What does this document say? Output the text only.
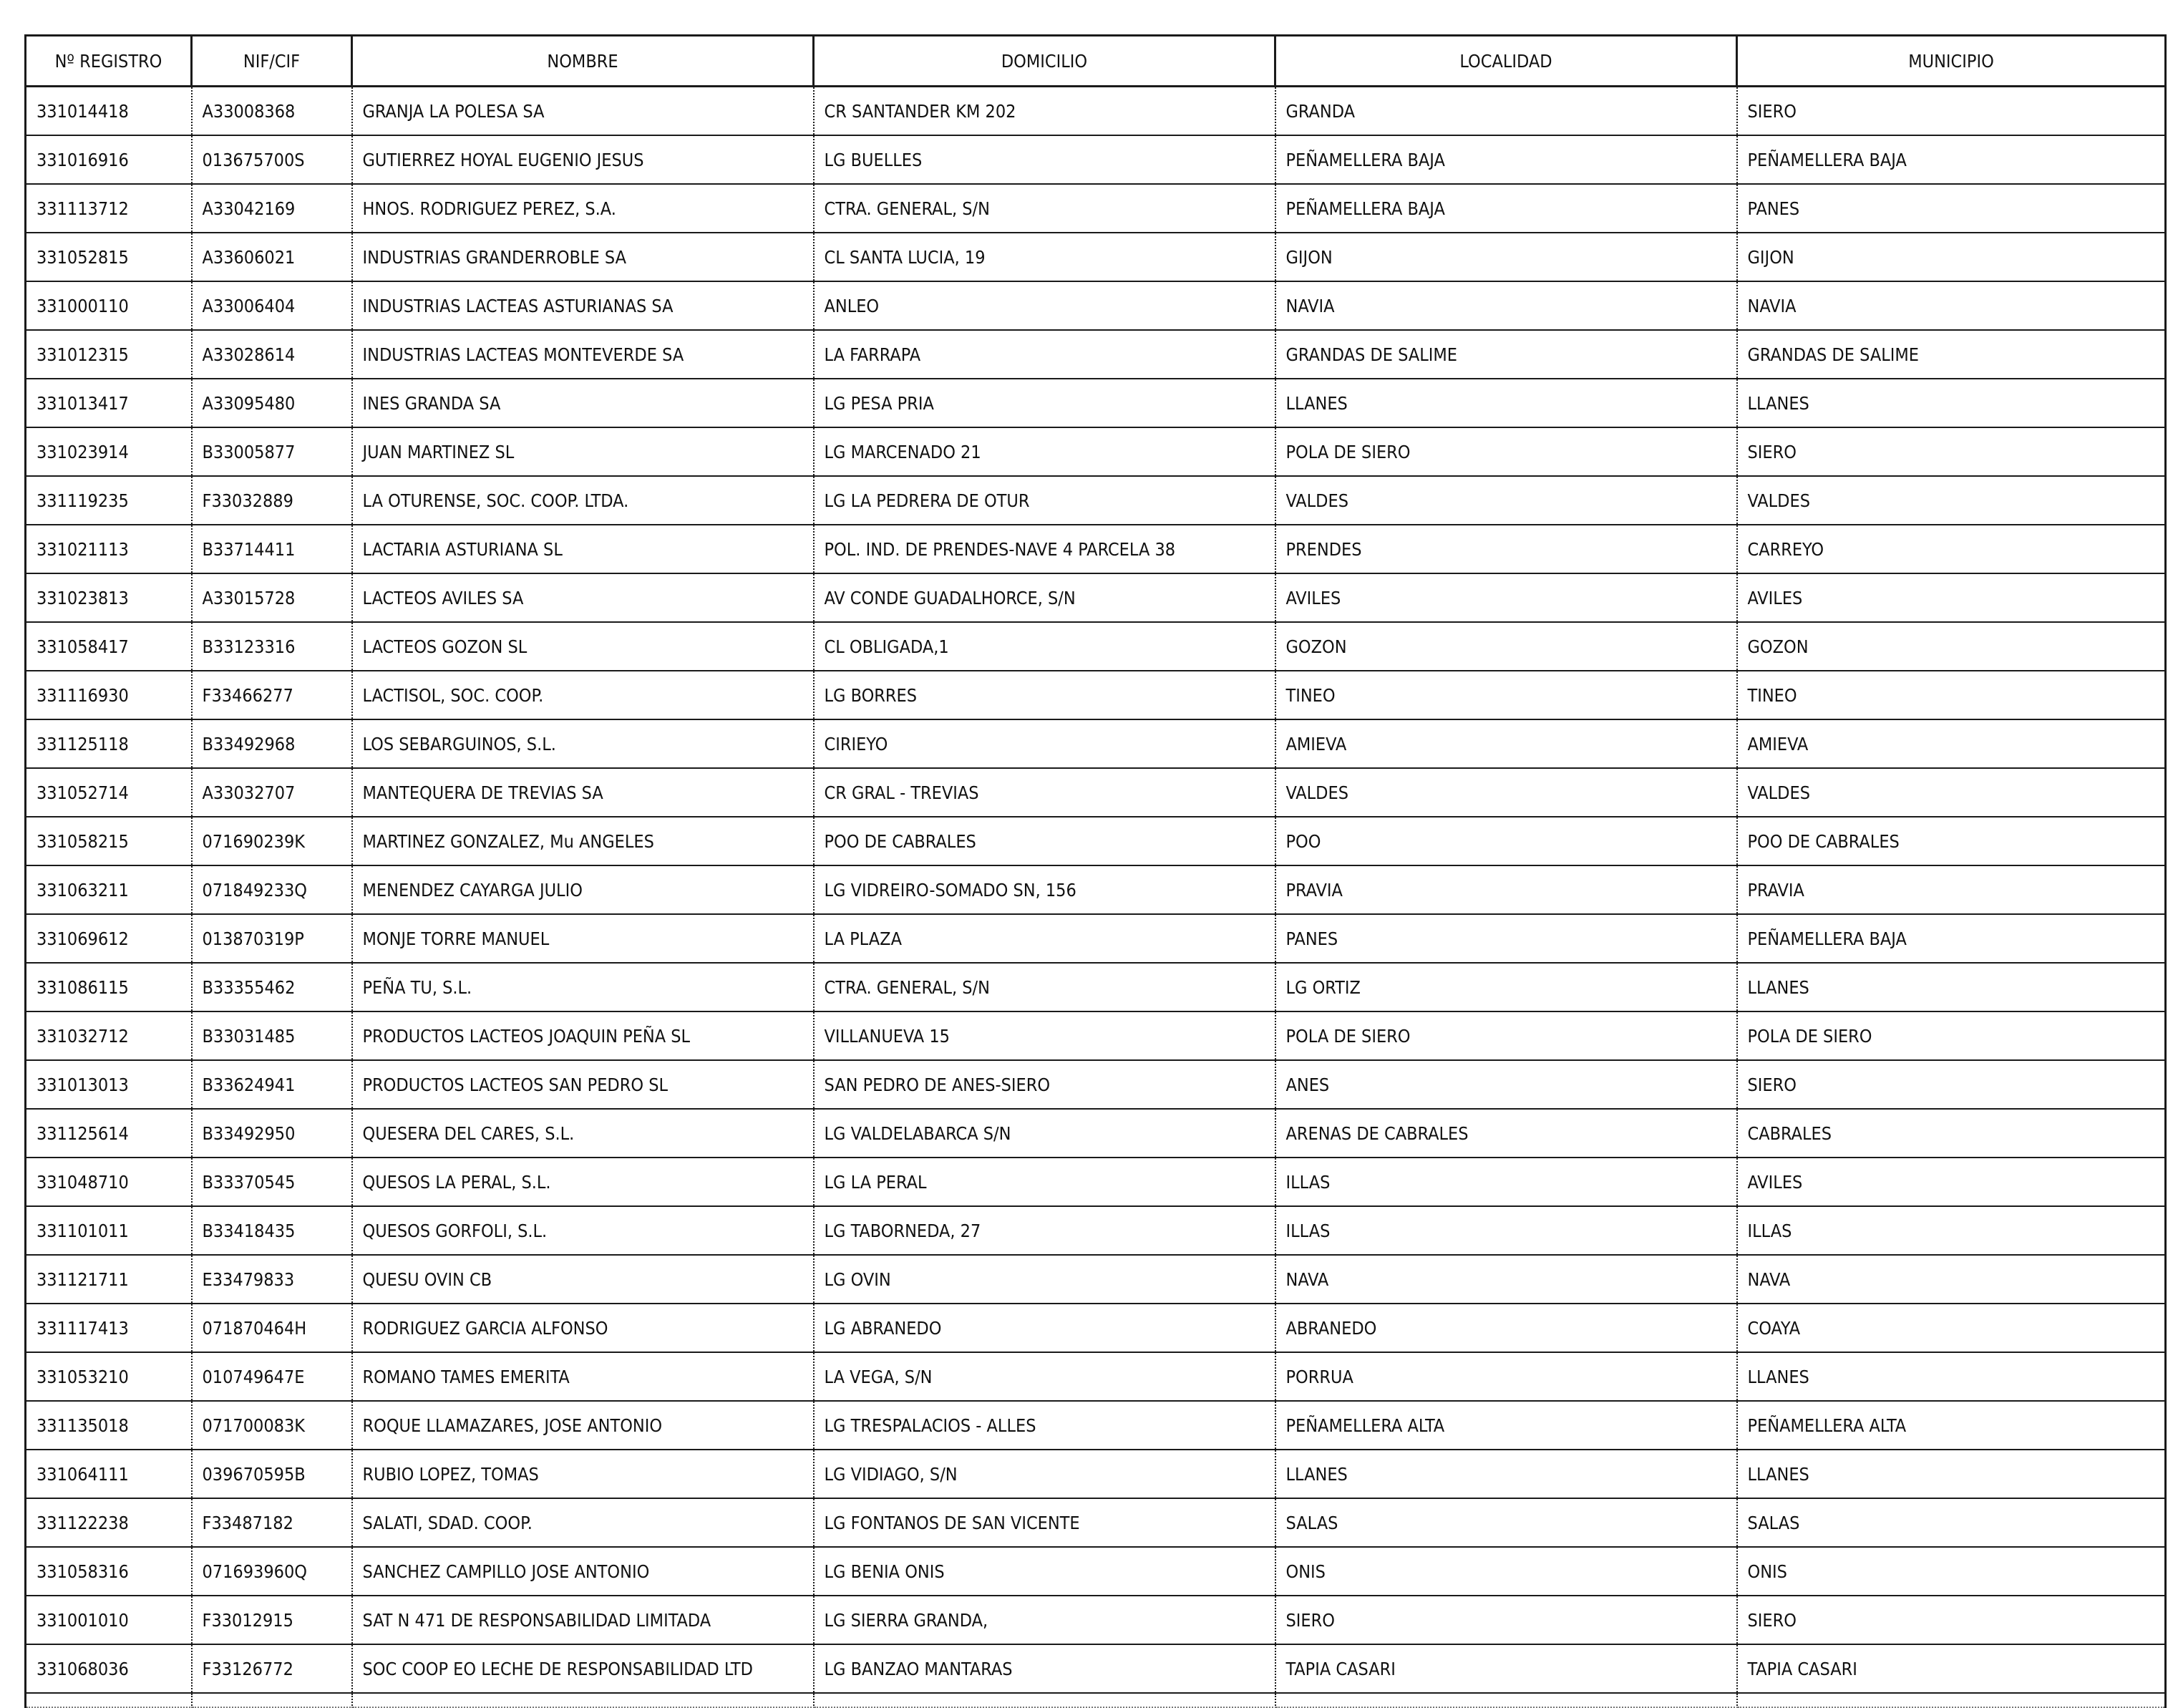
Nº REGISTRO	NIF/CIF	NOMBRE	DOMICILIO	LOCALIDAD	MUNICIPIO
331014418	A33008368	GRANJA LA POLESA SA	CR SANTANDER KM 202	GRANDA	SIERO
331016916	013675700S	GUTIERREZ HOYAL EUGENIO JESUS	LG BUELLES	PEÑAMELLERA BAJA	PEÑAMELLERA BAJA
331113712	A33042169	HNOS. RODRIGUEZ PEREZ, S.A.	CTRA. GENERAL, S/N	PEÑAMELLERA BAJA	PANES
331052815	A33606021	INDUSTRIAS GRANDERROBLE SA	CL SANTA LUCIA, 19	GIJON	GIJON
331000110	A33006404	INDUSTRIAS LACTEAS ASTURIANAS SA	ANLEO	NAVIA	NAVIA
331012315	A33028614	INDUSTRIAS LACTEAS MONTEVERDE SA	LA FARRAPA	GRANDAS DE SALIME	GRANDAS DE SALIME
331013417	A33095480	INES GRANDA SA	LG PESA PRIA	LLANES	LLANES
331023914	B33005877	JUAN MARTINEZ SL	LG MARCENADO 21	POLA DE SIERO	SIERO
331119235	F33032889	LA OTURENSE, SOC. COOP. LTDA.	LG LA PEDRERA DE OTUR	VALDES	VALDES
331021113	B33714411	LACTARIA ASTURIANA SL	POL. IND. DE PRENDES-NAVE 4 PARCELA 38	PRENDES	CARREYO
331023813	A33015728	LACTEOS AVILES SA	AV CONDE GUADALHORCE, S/N	AVILES	AVILES
331058417	B33123316	LACTEOS GOZON SL	CL OBLIGADA,1	GOZON	GOZON
331116930	F33466277	LACTISOL, SOC. COOP.	LG BORRES	TINEO	TINEO
331125118	B33492968	LOS SEBARGUINOS, S.L.	CIRIEYO	AMIEVA	AMIEVA
331052714	A33032707	MANTEQUERA DE TREVIAS SA	CR GRAL - TREVIAS	VALDES	VALDES
331058215	071690239K	MARTINEZ GONZALEZ, Mu ANGELES	POO DE CABRALES	POO	POO DE CABRALES
331063211	071849233Q	MENENDEZ CAYARGA JULIO	LG VIDREIRO-SOMADO SN, 156	PRAVIA	PRAVIA
331069612	013870319P	MONJE TORRE MANUEL	LA PLAZA	PANES	PEÑAMELLERA BAJA
331086115	B33355462	PEÑA TU, S.L.	CTRA. GENERAL, S/N	LG ORTIZ	LLANES
331032712	B33031485	PRODUCTOS LACTEOS JOAQUIN PEÑA SL	VILLANUEVA 15	POLA DE SIERO	POLA DE SIERO
331013013	B33624941	PRODUCTOS LACTEOS SAN PEDRO SL	SAN PEDRO DE ANES-SIERO	ANES	SIERO
331125614	B33492950	QUESERA DEL CARES, S.L.	LG VALDELABARCA S/N	ARENAS DE CABRALES	CABRALES
331048710	B33370545	QUESOS LA PERAL, S.L.	LG LA PERAL	ILLAS	AVILES
331101011	B33418435	QUESOS GORFOLI, S.L.	LG TABORNEDA, 27	ILLAS	ILLAS
331121711	E33479833	QUESU OVIN CB	LG OVIN	NAVA	NAVA
331117413	071870464H	RODRIGUEZ GARCIA ALFONSO	LG ABRANEDO	ABRANEDO	COAYA
331053210	010749647E	ROMANO TAMES EMERITA	LA VEGA, S/N	PORRUA	LLANES
331135018	071700083K	ROQUE LLAMAZARES, JOSE ANTONIO	LG TRESPALACIOS - ALLES	PEÑAMELLERA ALTA	PEÑAMELLERA ALTA
331064111	039670595B	RUBIO LOPEZ, TOMAS	LG VIDIAGO, S/N	LLANES	LLANES
331122238	F33487182	SALATI, SDAD. COOP.	LG FONTANOS DE SAN VICENTE	SALAS	SALAS
331058316	071693960Q	SANCHEZ CAMPILLO JOSE ANTONIO	LG BENIA ONIS	ONIS	ONIS
331001010	F33012915	SAT N 471 DE RESPONSABILIDAD LIMITADA	LG SIERRA GRANDA,	SIERO	SIERO
331068036	F33126772	SOC COOP EO LECHE DE RESPONSABILIDAD LTD	LG BANZAO MANTARAS	TAPIA CASARI	TAPIA CASARI
